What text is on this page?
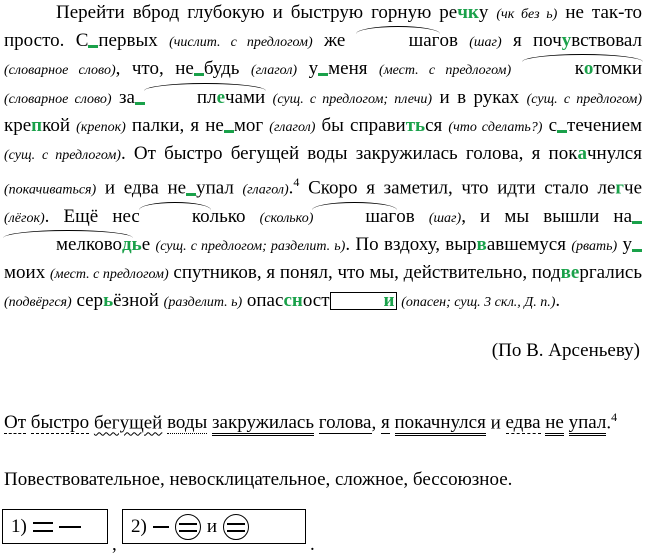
Перейти вброд глубокую и быструю горную речку (чк без ь) не так-то просто. С первых (числит. с предлогом) же	шагов (шаг) я почувствовал (словарное слово), что, не будь (глагол) у меня (мест. с предлогом)	котомки (словарное слово) за	плечами (сущ. с предлогом; плечи) и в руках (сущ. с предлогом) крепкой (крепок) палки, я не мог (глагол) бы справиться (что сделать?) с течением (сущ. с предлогом). От быстро бегущей воды закружилась голова, я покачнулся (покачиваться) и едва не упал (глагол).$^4$ Скоро я заметил, что идти стало легче (лёгок). Ещё нес	колько (сколько)	шагов (шаг), и мы вышли намелководье (сущ. с предлогом; разделит. ь). По вздоху, вырвавшемуся (рвать) умоих (мест. с предлогом) спутников, я понял, что мы, действительно, подвергались (подвёргся) серьёзной (разделит. ь) опассност	и (опасен; сущ. 3 скл., Д. п.).

(По В. Арсеньеву)
От быстро бегущей воды закружилась голова, я покачнулся и едва не упал.$^4$
Повествовательное, невосклицательное, сложное, бессоюзное.
1)
,
2)	и
.
